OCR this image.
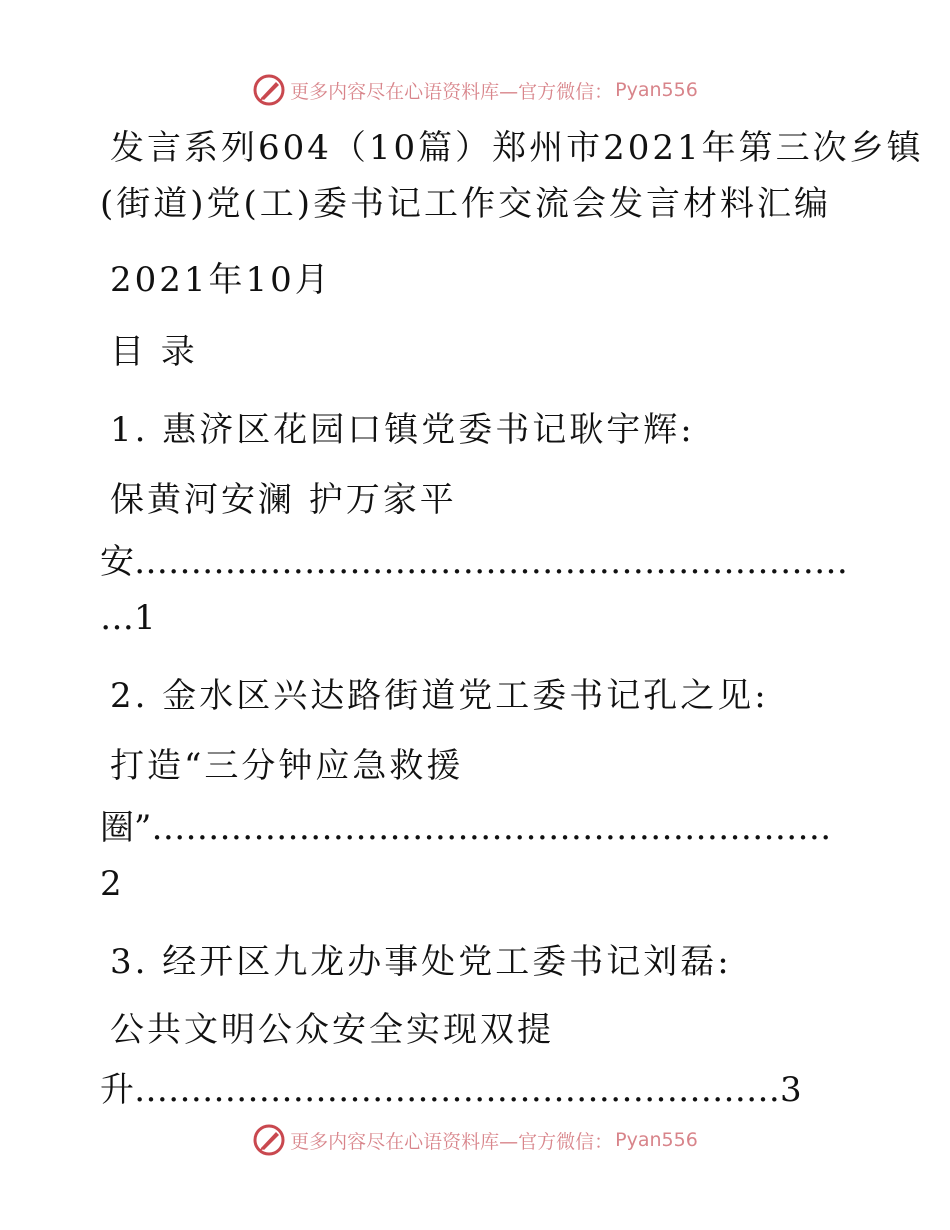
更多内容尽在心语资料库—官方微信： Pyan556
发言系列604（10篇）郑州市2021年第三次乡镇
(街道)党(工)委书记工作交流会发言材料汇编
2021年10月
目 录
1. 惠济区花园口镇党委书记耿宇辉:
保黄河安澜 护万家平
安………………………………………………………
…1
2. 金水区兴达路街道党工委书记孔之见:
打造“三分钟应急救援
圈”……………………………………………………
2
3. 经开区九龙办事处党工委书记刘磊:
公共文明公众安全实现双提
升…………………………………………………3
更多内容尽在心语资料库—官方微信： Pyan556
